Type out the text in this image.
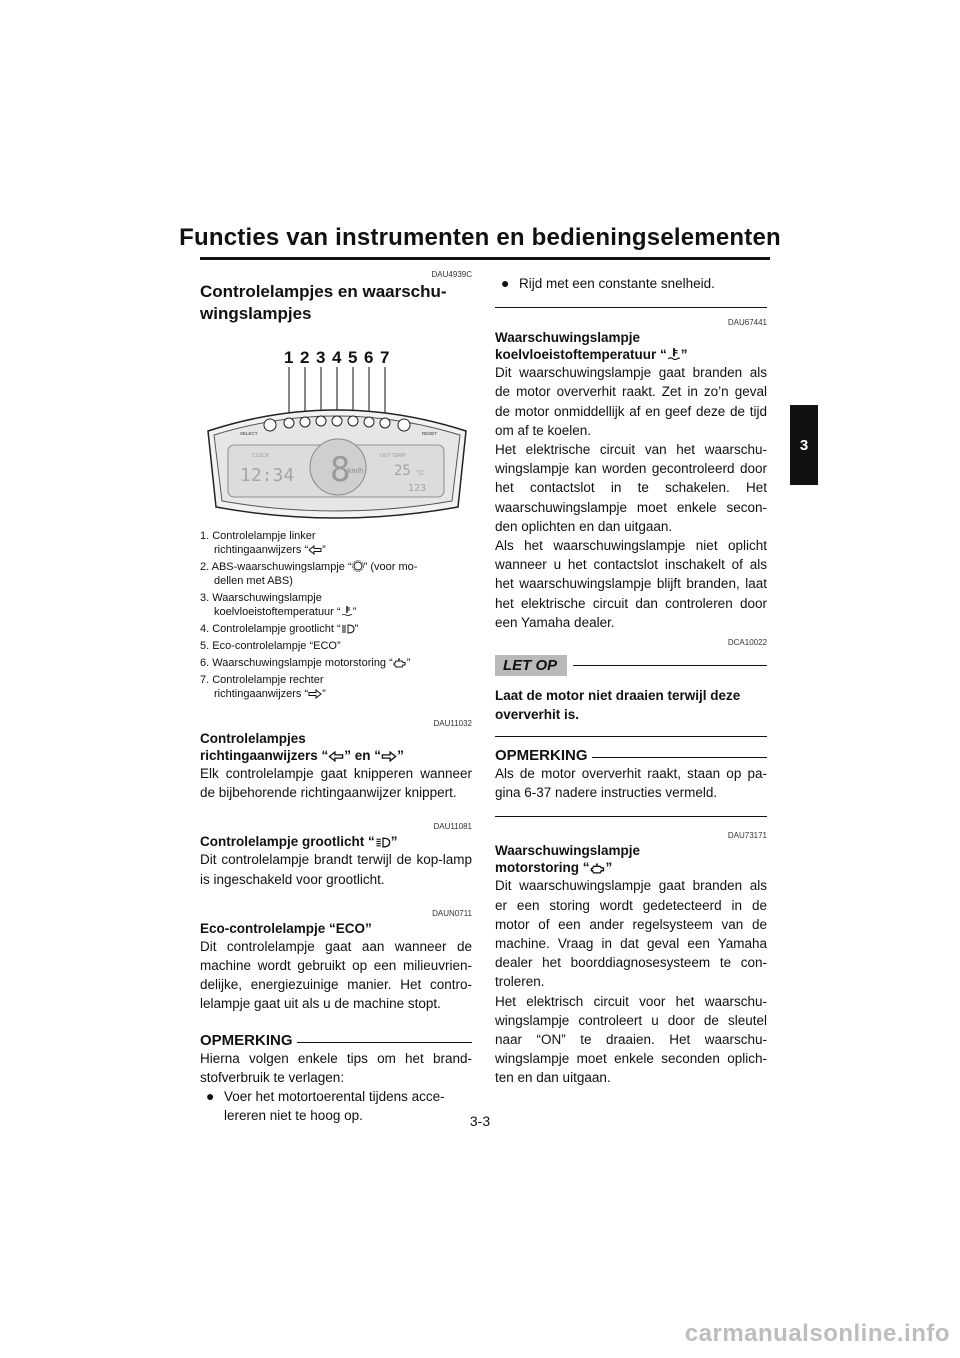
Functies van instrumenten en bedieningselementen
3
DAU4939C
Controlelampjes en waarschu-wingslampjes
1 2 3 4 5 6 7
SELECT	RESET
8
km/h
CLOCK	OUT TEMP
12:34	25 °C
123
1. Controlelampje linker
richtingaanwijzers “ ”
2. ABS-waarschuwingslampje “ ” (voor mo-
dellen met ABS)
3. Waarschuwingslampje
koelvloeistoftemperatuur “ ”
4. Controlelampje grootlicht “ ”
5. Eco-controlelampje “ECO”
6. Waarschuwingslampje motorstoring “ ”
7. Controlelampje rechter
richtingaanwijzers “ ”
DAU11032
Controlelampjes
richtingaanwijzers “ ” en “ ”

Elk controlelampje gaat knipperen wanneer de bijbehorende richtingaanwijzer knippert.

DAU11081
Controlelampje grootlicht “ ”

Dit controlelampje brandt terwijl de kop-lamp is ingeschakeld voor grootlicht.

DAUN0711
Eco-controlelampje “ECO”

Dit controlelampje gaat aan wanneer de machine wordt gebruikt op een milieuvrien-delijke, energiezuinige manier. Het contro-lelampje gaat uit als u de machine stopt.

OPMERKING

Hierna volgen enkele tips om het brand-stofverbruik te verlagen:

● Voer het motortoerental tijdens acce-lereren niet te hoog op.
● Rijd met een constante snelheid.
DAU67441
Waarschuwingslampje
koelvloeistoftemperatuur “ ”

Dit waarschuwingslampje gaat branden als de motor oververhit raakt. Zet in zo’n geval de motor onmiddellijk af en geef deze de tijd om af te koelen.

Het elektrische circuit van het waarschu-wingslampje kan worden gecontroleerd door het contactslot in te schakelen. Het waarschuwingslampje moet enkele secon-den oplichten en dan uitgaan.

Als het waarschuwingslampje niet oplicht wanneer u het contactslot inschakelt of als het waarschuwingslampje blijft branden, laat het elektrische circuit dan controleren door een Yamaha dealer.

DCA10022
LET OP

Laat de motor niet draaien terwijl deze oververhit is.

OPMERKING

Als de motor oververhit raakt, staan op pa-gina 6-37 nadere instructies vermeld.

DAU73171
Waarschuwingslampje
motorstoring “ ”

Dit waarschuwingslampje gaat branden als er een storing wordt gedetecteerd in de motor of een ander regelsysteem van de machine. Vraag in dat geval een Yamaha dealer het boorddiagnosesysteem te con-troleren.

Het elektrisch circuit voor het waarschu-wingslampje controleert u door de sleutel naar “ON” te draaien. Het waarschu-wingslampje moet enkele seconden oplich-ten en dan uitgaan.

3-3
carmanualsonline.info
